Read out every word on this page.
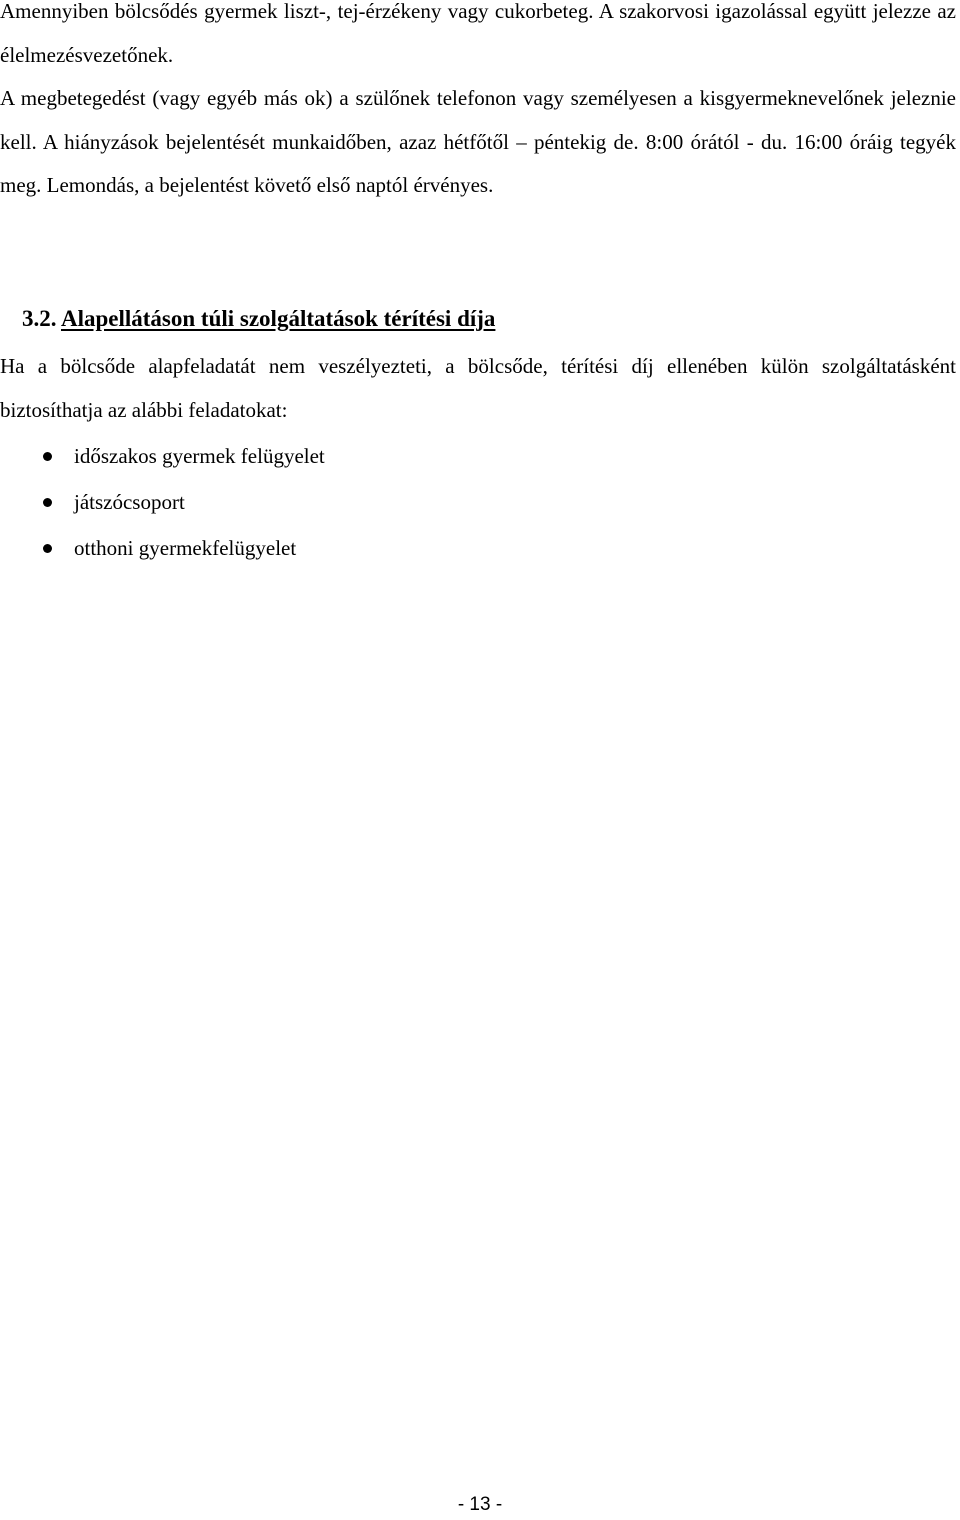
Amennyiben bölcsődés gyermek liszt-, tej-érzékeny vagy cukorbeteg. A szakorvosi igazolással együtt jelezze az élelmezésvezetőnek.

A megbetegedést (vagy egyéb más ok) a szülőnek telefonon vagy személyesen a kisgyermeknevelőnek jeleznie kell. A hiányzások bejelentését munkaidőben, azaz hétfőtől – péntekig de. 8:00 órától - du. 16:00 óráig tegyék meg. Lemondás, a bejelentést követő első naptól érvényes.

3.2. Alapellátáson túli szolgáltatások térítési díja

Ha a bölcsőde alapfeladatát nem veszélyezteti, a bölcsőde, térítési díj ellenében külön szolgáltatásként biztosíthatja az alábbi feladatokat:

időszakos gyermek felügyelet
játszócsoport
otthoni gyermekfelügyelet
- 13 -
